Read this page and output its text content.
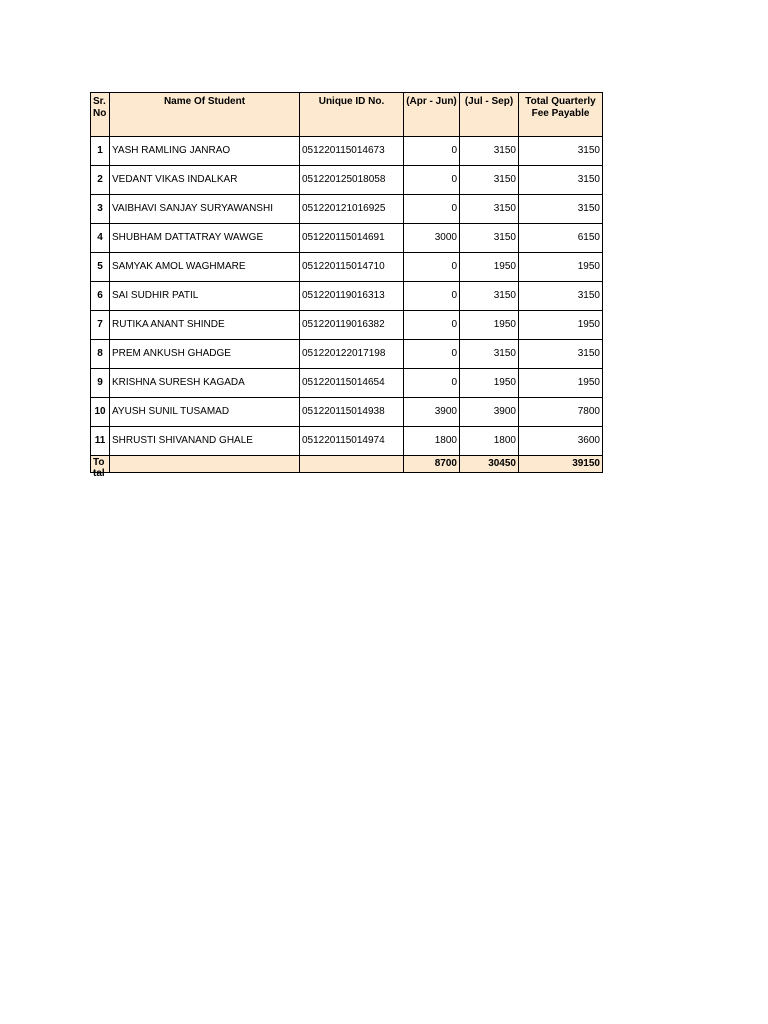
Sr. No	Name Of Student	Unique ID No.	(Apr - Jun)	(Jul - Sep)	Total Quarterly Fee Payable
1	YASH RAMLING JANRAO	051220115014673	0	3150	3150
2	VEDANT VIKAS INDALKAR	051220125018058	0	3150	3150
3	VAIBHAVI SANJAY SURYAWANSHI	051220121016925	0	3150	3150
4	SHUBHAM DATTATRAY WAWGE	051220115014691	3000	3150	6150
5	SAMYAK AMOL WAGHMARE	051220115014710	0	1950	1950
6	SAI SUDHIR PATIL	051220119016313	0	3150	3150
7	RUTIKA ANANT SHINDE	051220119016382	0	1950	1950
8	PREM ANKUSH GHADGE	051220122017198	0	3150	3150
9	KRISHNA SURESH KAGADA	051220115014654	0	1950	1950
10	AYUSH SUNIL TUSAMAD	051220115014938	3900	3900	7800
11	SHRUSTI SHIVANAND GHALE	051220115014974	1800	1800	3600

Total			8700	30450	39150
